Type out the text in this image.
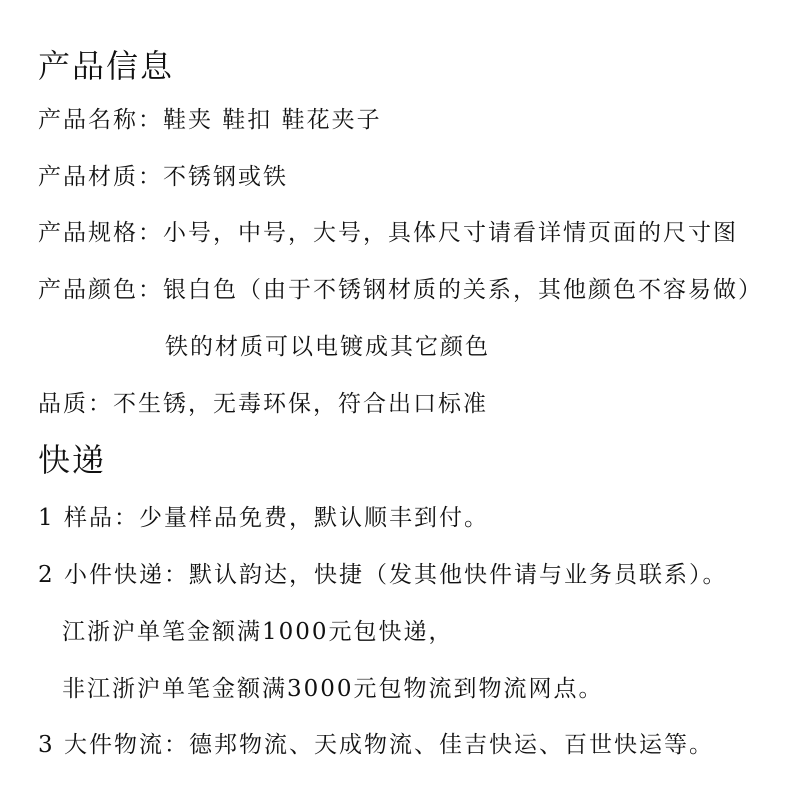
产品信息

产品名称：鞋夹 鞋扣 鞋花夹子

产品材质：不锈钢或铁

产品规格：小号，中号，大号，具体尺寸请看详情页面的尺寸图

产品颜色：银白色（由于不锈钢材质的关系，其他颜色不容易做）

铁的材质可以电镀成其它颜色

品质：不生锈，无毒环保，符合出口标准

快递

1 样品：少量样品免费，默认顺丰到付。

2 小件快递：默认韵达，快捷（发其他快件请与业务员联系）。

江浙沪单笔金额满1000元包快递，

非江浙沪单笔金额满3000元包物流到物流网点。

3 大件物流：德邦物流、天成物流、佳吉快运、百世快运等。
